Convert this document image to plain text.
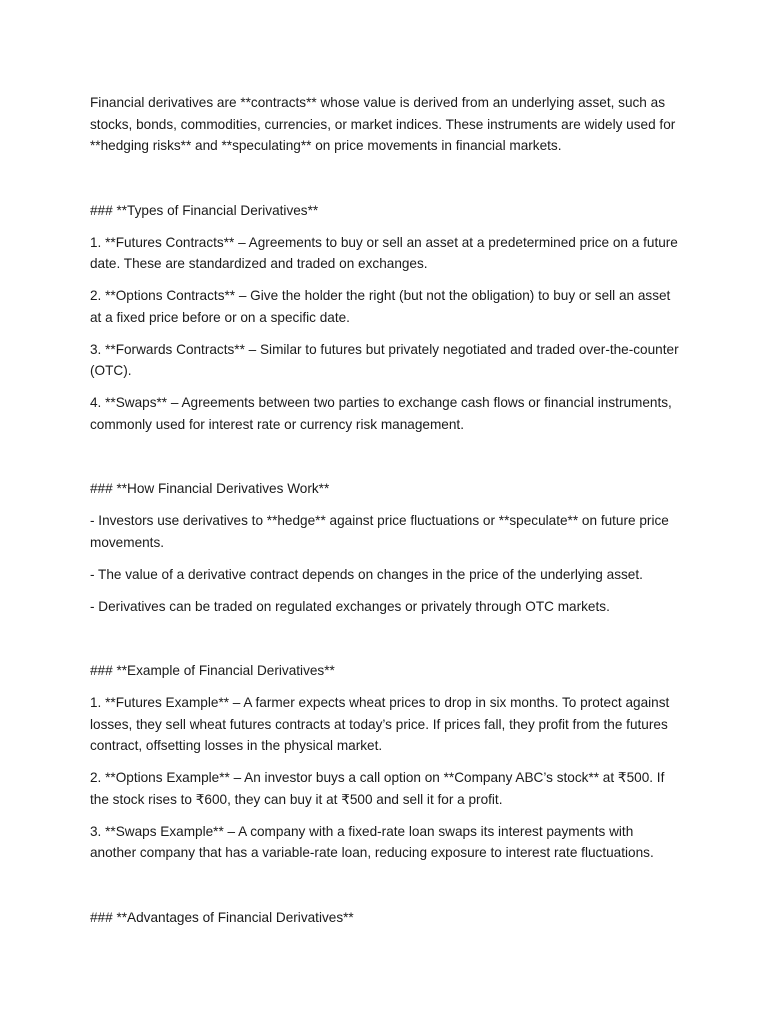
Financial derivatives are **contracts** whose value is derived from an underlying asset, such as stocks, bonds, commodities, currencies, or market indices. These instruments are widely used for **hedging risks** and **speculating** on price movements in financial markets.

### **Types of Financial Derivatives**

1. **Futures Contracts** – Agreements to buy or sell an asset at a predetermined price on a future date. These are standardized and traded on exchanges.

2. **Options Contracts** – Give the holder the right (but not the obligation) to buy or sell an asset at a fixed price before or on a specific date.

3. **Forwards Contracts** – Similar to futures but privately negotiated and traded over-the-counter (OTC).

4. **Swaps** – Agreements between two parties to exchange cash flows or financial instruments, commonly used for interest rate or currency risk management.

### **How Financial Derivatives Work**

- Investors use derivatives to **hedge** against price fluctuations or **speculate** on future price movements.

- The value of a derivative contract depends on changes in the price of the underlying asset.

- Derivatives can be traded on regulated exchanges or privately through OTC markets.

### **Example of Financial Derivatives**

1. **Futures Example** – A farmer expects wheat prices to drop in six months. To protect against losses, they sell wheat futures contracts at today’s price. If prices fall, they profit from the futures contract, offsetting losses in the physical market.

2. **Options Example** – An investor buys a call option on **Company ABC’s stock** at ₹500. If the stock rises to ₹600, they can buy it at ₹500 and sell it for a profit.

3. **Swaps Example** – A company with a fixed-rate loan swaps its interest payments with another company that has a variable-rate loan, reducing exposure to interest rate fluctuations.

### **Advantages of Financial Derivatives**
